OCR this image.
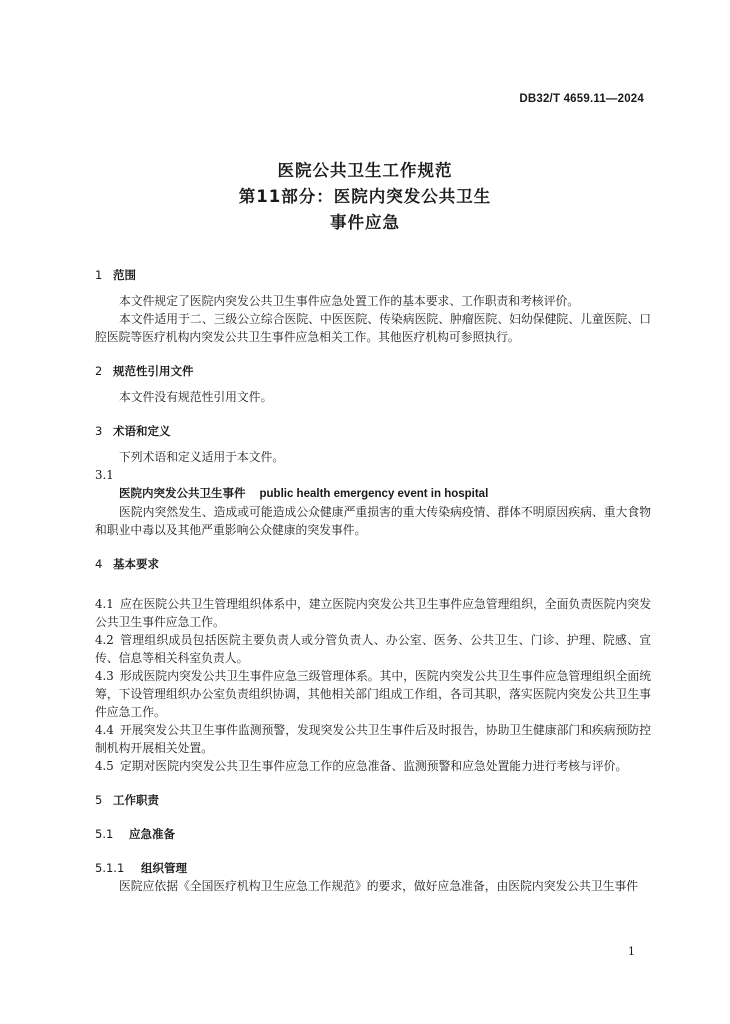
DB32/T 4659.11—2024
医院公共卫生工作规范
第11部分：医院内突发公共卫生
事件应急
1 范围
本文件规定了医院内突发公共卫生事件应急处置工作的基本要求、工作职责和考核评价。
本文件适用于二、三级公立综合医院、中医医院、传染病医院、肿瘤医院、妇幼保健院、儿童医院、口腔医院等医疗机构内突发公共卫生事件应急相关工作。其他医疗机构可参照执行。
2 规范性引用文件
本文件没有规范性引用文件。
3 术语和定义
下列术语和定义适用于本文件。
3.1
医院内突发公共卫生事件 public health emergency event in hospital
医院内突然发生、造成或可能造成公众健康严重损害的重大传染病疫情、群体不明原因疾病、重大食物和职业中毒以及其他严重影响公众健康的突发事件。
4 基本要求
4.1 应在医院公共卫生管理组织体系中，建立医院内突发公共卫生事件应急管理组织，全面负责医院内突发公共卫生事件应急工作。
4.2 管理组织成员包括医院主要负责人或分管负责人、办公室、医务、公共卫生、门诊、护理、院感、宣传、信息等相关科室负责人。
4.3 形成医院内突发公共卫生事件应急三级管理体系。其中，医院内突发公共卫生事件应急管理组织全面统筹，下设管理组织办公室负责组织协调，其他相关部门组成工作组，各司其职，落实医院内突发公共卫生事件应急工作。
4.4 开展突发公共卫生事件监测预警，发现突发公共卫生事件后及时报告，协助卫生健康部门和疾病预防控制机构开展相关处置。
4.5 定期对医院内突发公共卫生事件应急工作的应急准备、监测预警和应急处置能力进行考核与评价。
5 工作职责
5.1 应急准备
5.1.1 组织管理
医院应依据《全国医疗机构卫生应急工作规范》的要求，做好应急准备，由医院内突发公共卫生事件
1
